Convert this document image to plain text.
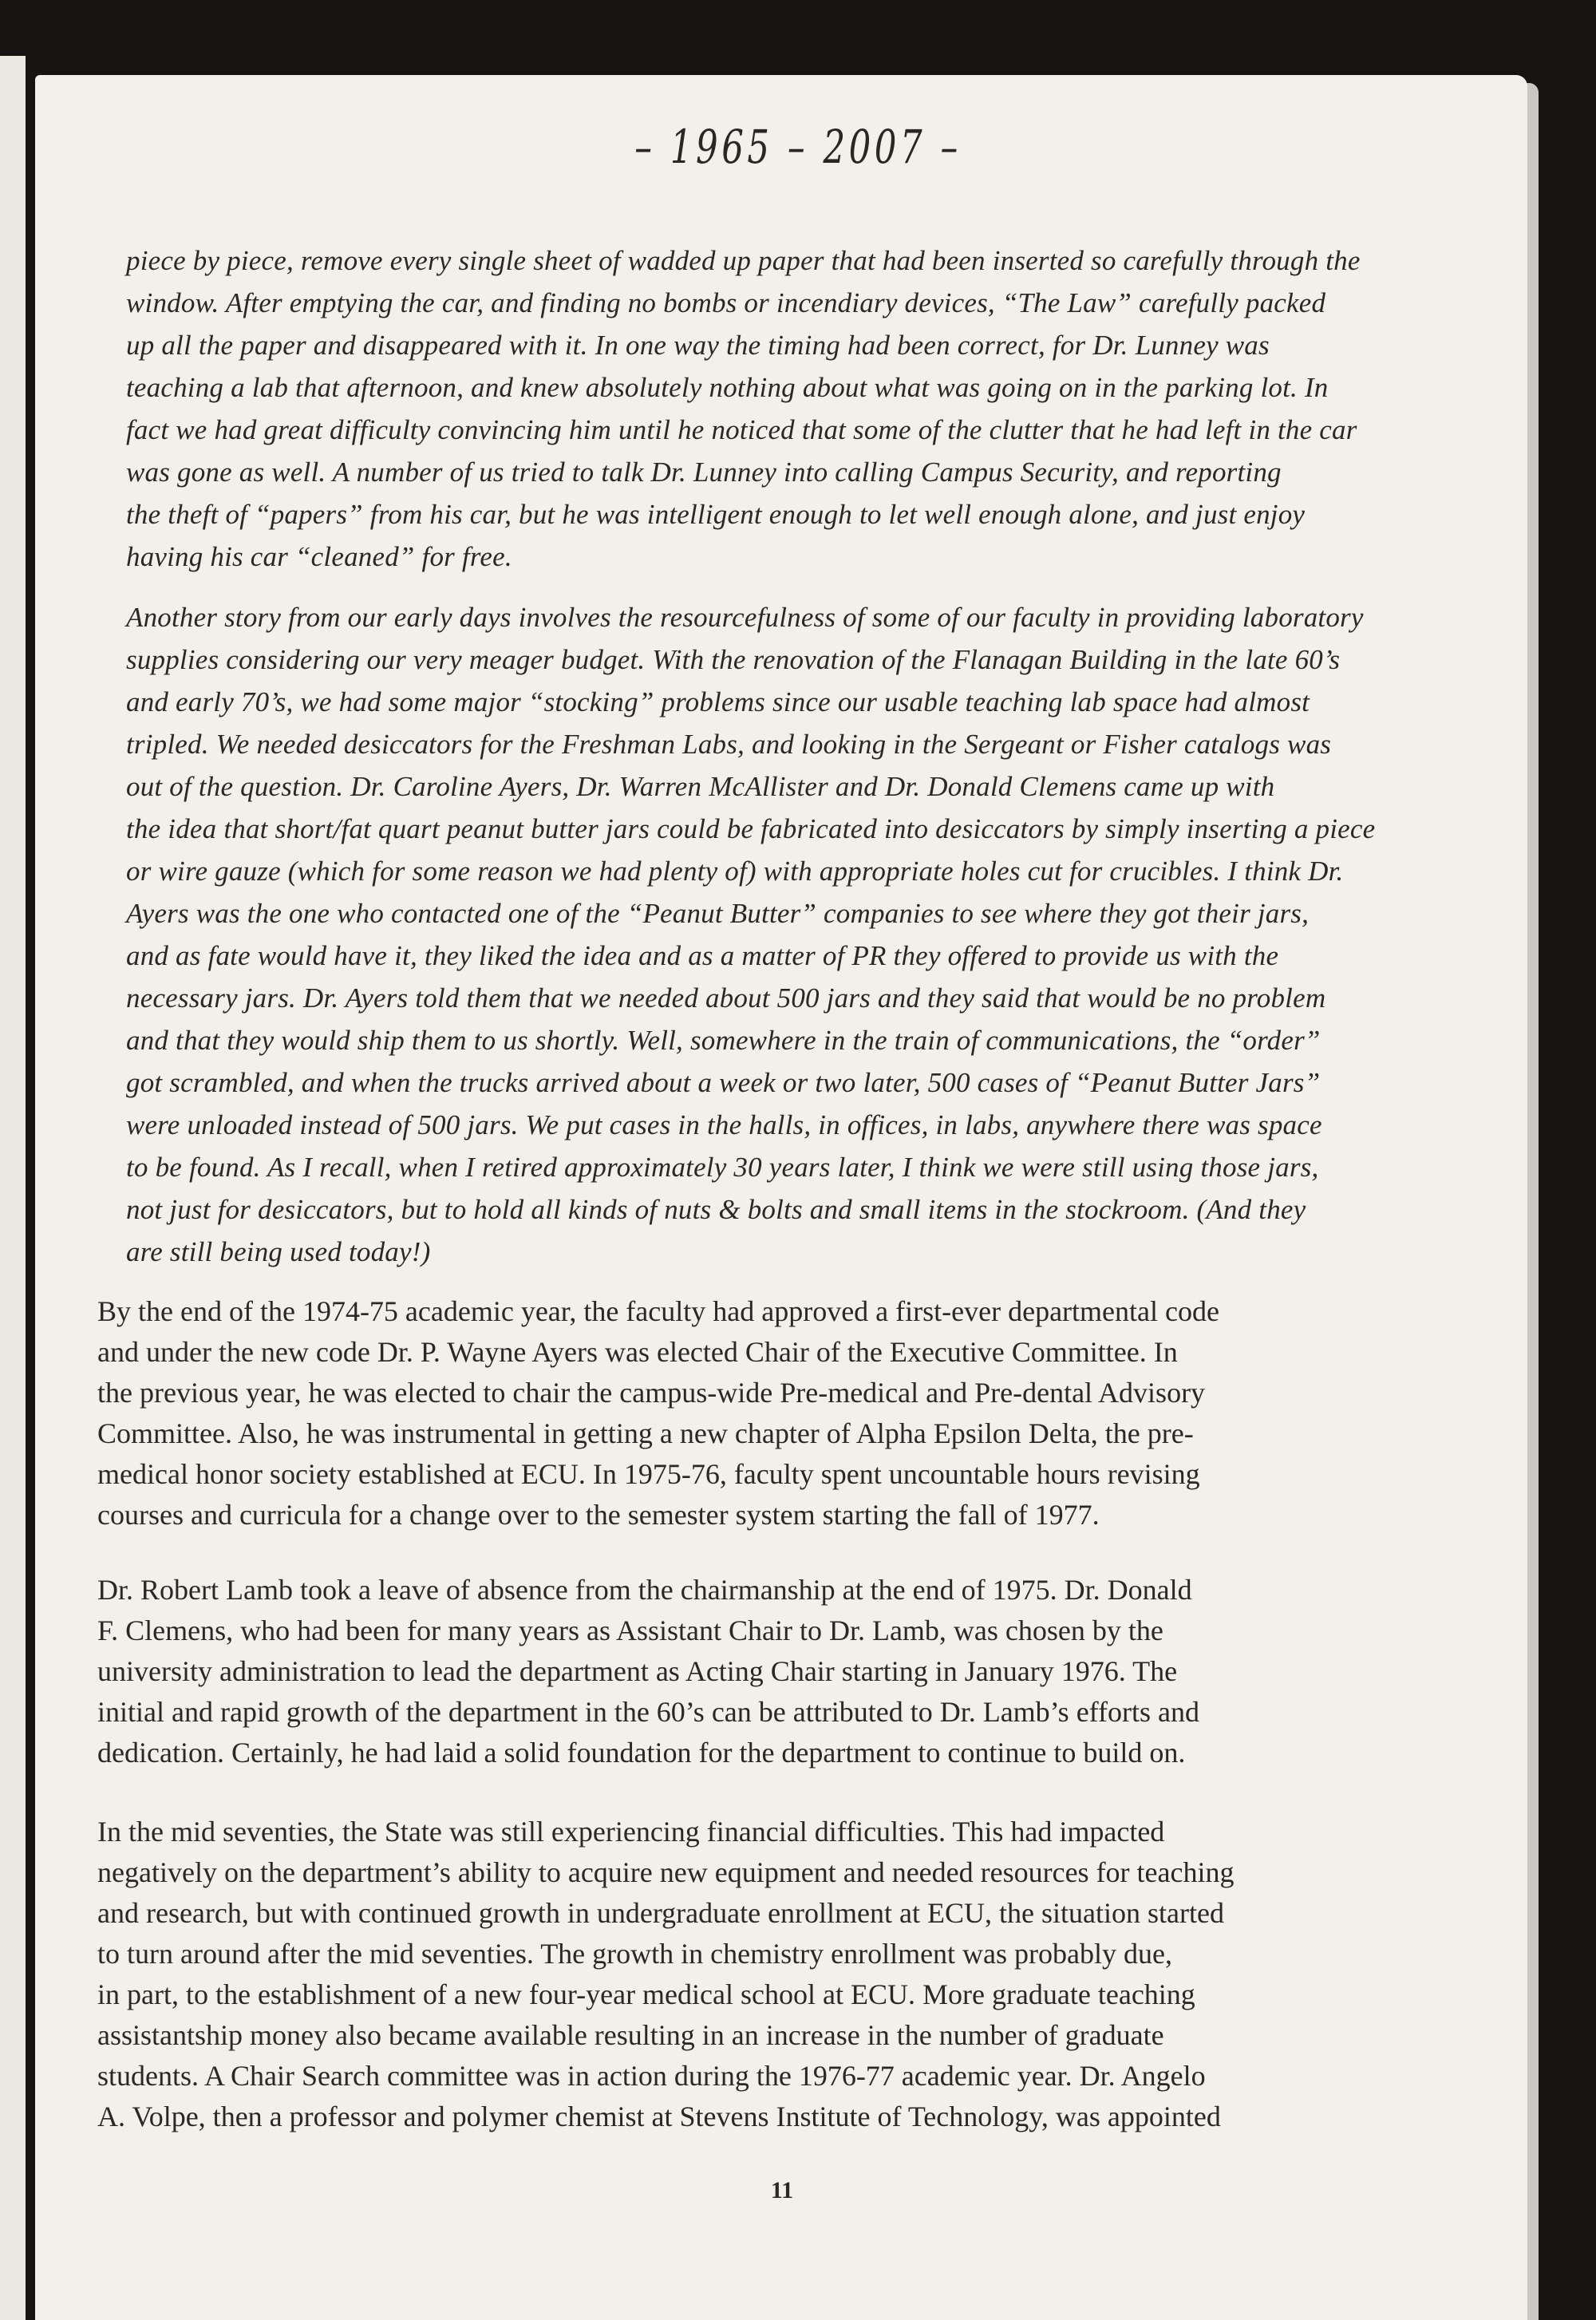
– 1965 – 2007 –
piece by piece, remove every single sheet of wadded up paper that had been inserted so carefully through the
window. After emptying the car, and finding no bombs or incendiary devices, “The Law” carefully packed
up all the paper and disappeared with it. In one way the timing had been correct, for Dr. Lunney was
teaching a lab that afternoon, and knew absolutely nothing about what was going on in the parking lot. In
fact we had great difficulty convincing him until he noticed that some of the clutter that he had left in the car
was gone as well. A number of us tried to talk Dr. Lunney into calling Campus Security, and reporting
the theft of “papers” from his car, but he was intelligent enough to let well enough alone, and just enjoy
having his car “cleaned” for free.
Another story from our early days involves the resourcefulness of some of our faculty in providing laboratory
supplies considering our very meager budget. With the renovation of the Flanagan Building in the late 60’s
and early 70’s, we had some major “stocking” problems since our usable teaching lab space had almost
tripled. We needed desiccators for the Freshman Labs, and looking in the Sergeant or Fisher catalogs was
out of the question. Dr. Caroline Ayers, Dr. Warren McAllister and Dr. Donald Clemens came up with
the idea that short/fat quart peanut butter jars could be fabricated into desiccators by simply inserting a piece
or wire gauze (which for some reason we had plenty of) with appropriate holes cut for crucibles. I think Dr.
Ayers was the one who contacted one of the “Peanut Butter” companies to see where they got their jars,
and as fate would have it, they liked the idea and as a matter of PR they offered to provide us with the
necessary jars. Dr. Ayers told them that we needed about 500 jars and they said that would be no problem
and that they would ship them to us shortly. Well, somewhere in the train of communications, the “order”
got scrambled, and when the trucks arrived about a week or two later, 500 cases of “Peanut Butter Jars”
were unloaded instead of 500 jars. We put cases in the halls, in offices, in labs, anywhere there was space
to be found. As I recall, when I retired approximately 30 years later, I think we were still using those jars,
not just for desiccators, but to hold all kinds of nuts & bolts and small items in the stockroom. (And they
are still being used today!)
By the end of the 1974-75 academic year, the faculty had approved a first-ever departmental code
and under the new code Dr. P. Wayne Ayers was elected Chair of the Executive Committee. In
the previous year, he was elected to chair the campus-wide Pre-medical and Pre-dental Advisory
Committee. Also, he was instrumental in getting a new chapter of Alpha Epsilon Delta, the pre-
medical honor society established at ECU. In 1975-76, faculty spent uncountable hours revising
courses and curricula for a change over to the semester system starting the fall of 1977.
Dr. Robert Lamb took a leave of absence from the chairmanship at the end of 1975. Dr. Donald
F. Clemens, who had been for many years as Assistant Chair to Dr. Lamb, was chosen by the
university administration to lead the department as Acting Chair starting in January 1976. The
initial and rapid growth of the department in the 60’s can be attributed to Dr. Lamb’s efforts and
dedication. Certainly, he had laid a solid foundation for the department to continue to build on.
In the mid seventies, the State was still experiencing financial difficulties. This had impacted
negatively on the department’s ability to acquire new equipment and needed resources for teaching
and research, but with continued growth in undergraduate enrollment at ECU, the situation started
to turn around after the mid seventies. The growth in chemistry enrollment was probably due,
in part, to the establishment of a new four-year medical school at ECU. More graduate teaching
assistantship money also became available resulting in an increase in the number of graduate
students. A Chair Search committee was in action during the 1976-77 academic year. Dr. Angelo
A. Volpe, then a professor and polymer chemist at Stevens Institute of Technology, was appointed
11
